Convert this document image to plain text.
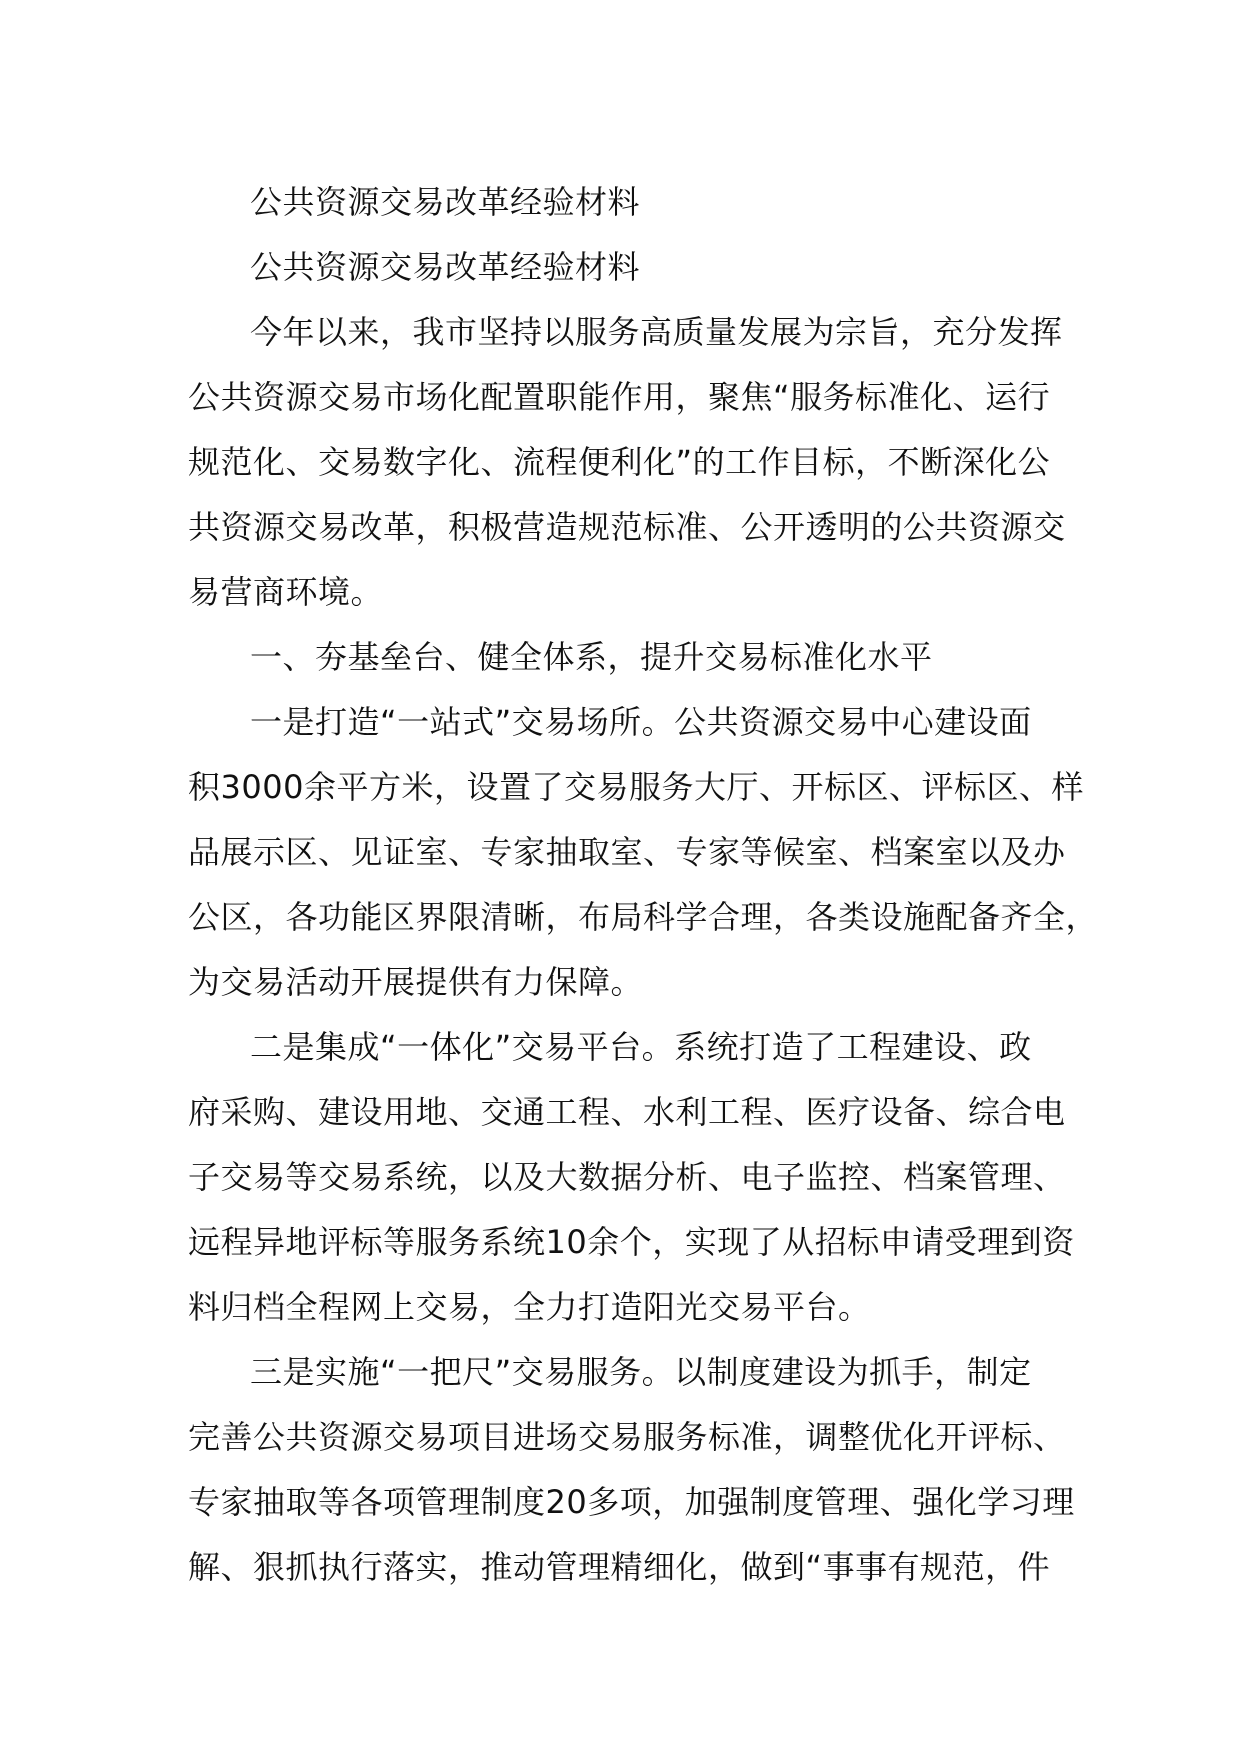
公共资源交易改革经验材料
公共资源交易改革经验材料
今年以来，我市坚持以服务高质量发展为宗旨，充分发挥
公共资源交易市场化配置职能作用，聚焦“服务标准化、运行
规范化、交易数字化、流程便利化”的工作目标，不断深化公
共资源交易改革，积极营造规范标准、公开透明的公共资源交
易营商环境。
一、夯基垒台、健全体系，提升交易标准化水平
一是打造“一站式”交易场所。公共资源交易中心建设面
积3000余平方米，设置了交易服务大厅、开标区、评标区、样
品展示区、见证室、专家抽取室、专家等候室、档案室以及办
公区，各功能区界限清晰，布局科学合理，各类设施配备齐全，
为交易活动开展提供有力保障。
二是集成“一体化”交易平台。系统打造了工程建设、政
府采购、建设用地、交通工程、水利工程、医疗设备、综合电
子交易等交易系统，以及大数据分析、电子监控、档案管理、
远程异地评标等服务系统10余个，实现了从招标申请受理到资
料归档全程网上交易，全力打造阳光交易平台。
三是实施“一把尺”交易服务。以制度建设为抓手，制定
完善公共资源交易项目进场交易服务标准，调整优化开评标、
专家抽取等各项管理制度20多项，加强制度管理、强化学习理
解、狠抓执行落实，推动管理精细化，做到“事事有规范，件
